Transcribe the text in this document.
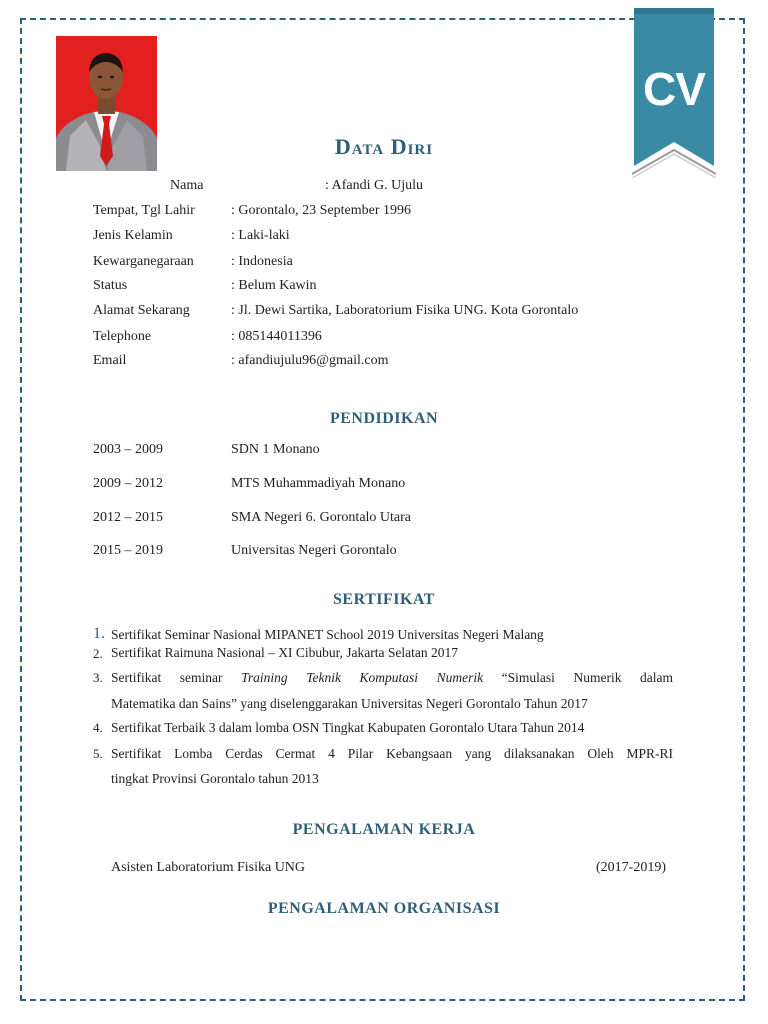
CV
Data Diri
Nama	: Afandi G. Ujulu
Tempat, Tgl Lahir	: Gorontalo, 23 September 1996
Jenis Kelamin	: Laki-laki
Kewarganegaraan	: Indonesia
Status	: Belum Kawin
Alamat Sekarang	: Jl. Dewi Sartika, Laboratorium Fisika UNG. Kota Gorontalo
Telephone	: 085144011396
Email	: afandiujulu96@gmail.com
PENDIDIKAN
2003 – 2009	SDN 1 Monano
2009 – 2012	MTS Muhammadiyah Monano
2012 – 2015	SMA Negeri 6. Gorontalo Utara
2015 – 2019	Universitas Negeri Gorontalo
SERTIFIKAT
1. Sertifikat Seminar Nasional MIPANET School 2019 Universitas Negeri Malang
2. Sertifikat Raimuna Nasional – XI Cibubur, Jakarta Selatan 2017
3. Sertifikat seminar Training Teknik Komputasi Numerik “Simulasi Numerik dalam
Matematika dan Sains” yang diselenggarakan Universitas Negeri Gorontalo Tahun 2017
4. Sertifikat Terbaik 3 dalam lomba OSN Tingkat Kabupaten Gorontalo Utara Tahun 2014
5. Sertifikat Lomba Cerdas Cermat 4 Pilar Kebangsaan yang dilaksanakan Oleh MPR-RI
tingkat Provinsi Gorontalo tahun 2013
PENGALAMAN KERJA
Asisten Laboratorium Fisika UNG	(2017-2019)
PENGALAMAN ORGANISASI
